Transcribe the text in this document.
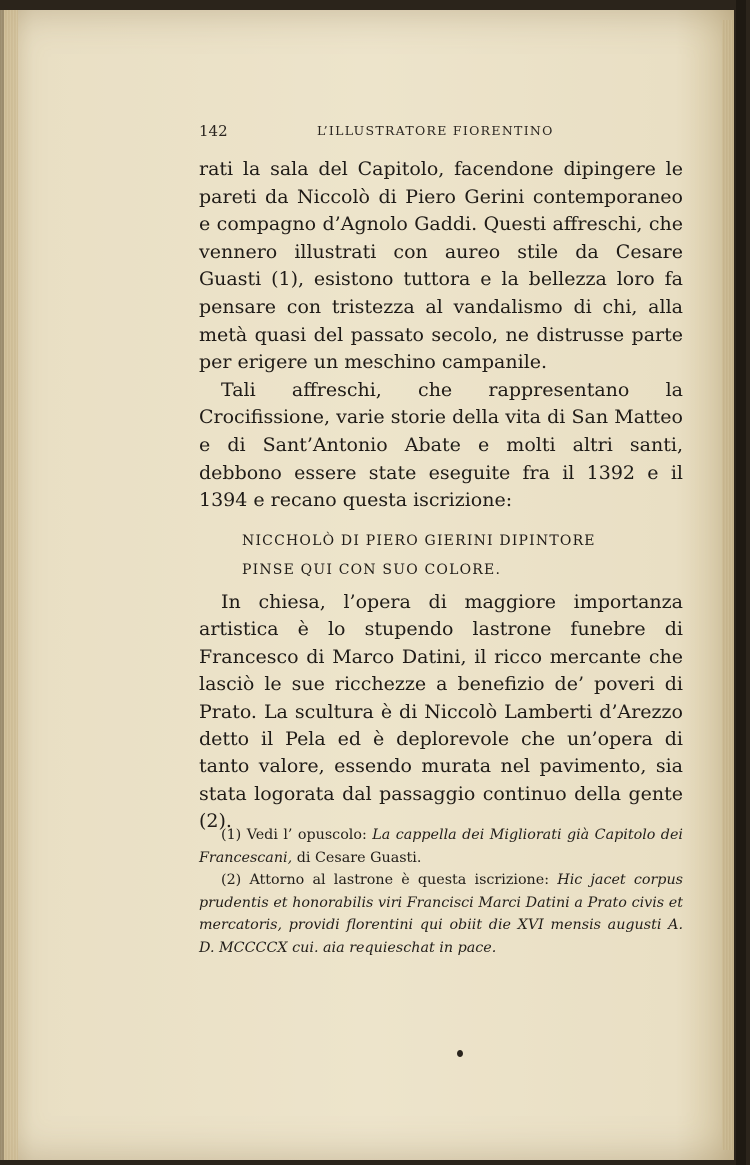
142	L’ILLUSTRATORE FIORENTINO

rati la sala del Capitolo, facendone dipingere le pareti da Niccolò di Piero Gerini contemporaneo e compagno d’Agnolo Gaddi. Questi affreschi, che vennero illustrati con aureo stile da Cesare Guasti (1), esistono tuttora e la bellezza loro fa pensare con tristezza al vandalismo di chi, alla metà quasi del passato secolo, ne distrusse parte per erigere un meschino campanile.

Tali affreschi, che rappresentano la Crocifissione, varie storie della vita di San Matteo e di Sant’Antonio Abate e molti altri santi, debbono essere state eseguite fra il 1392 e il 1394 e recano questa iscrizione:

NICCHOLÒ DI PIERO GIERINI DIPINTORE
PINSE QUI CON SUO COLORE.

In chiesa, l’opera di maggiore importanza artistica è lo stupendo lastrone funebre di Francesco di Marco Datini, il ricco mercante che lasciò le sue ricchezze a benefizio de’ poveri di Prato. La scultura è di Niccolò Lamberti d’Arezzo detto il Pela ed è deplorevole che un’opera di tanto valore, essendo murata nel pavimento, sia stata logorata dal passaggio continuo della gente (2).

(1) Vedi l’ opuscolo: La cappella dei Migliorati già Capitolo dei Francescani, di Cesare Guasti.

(2) Attorno al lastrone è questa iscrizione: Hic jacet corpus prudentis et honorabilis viri Francisci Marci Datini a Prato civis et mercatoris, providi florentini qui obiit die XVI mensis augusti A. D. MCCCCX cui. aia requieschat in pace.
